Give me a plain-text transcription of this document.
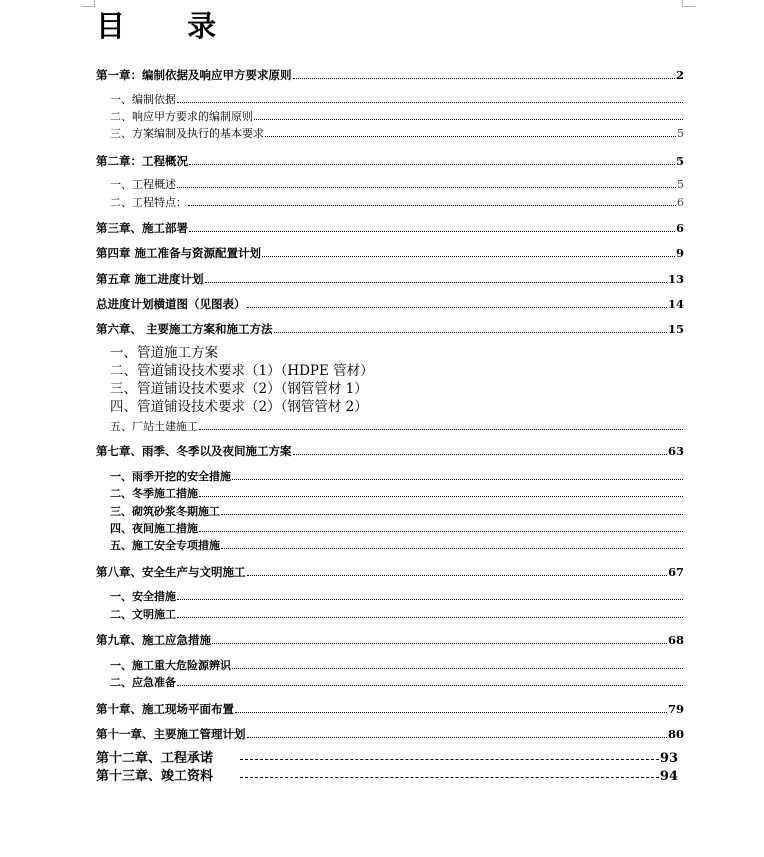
目 录
第一章：编制依据及响应甲方要求原则	2
一、编制依据
二、响应甲方要求的编制原则
三、方案编制及执行的基本要求	5
第二章：工程概况	5
一、工程概述	5
二、工程特点：	6
第三章、施工部署	6
第四章 施工准备与资源配置计划	9
第五章 施工进度计划	13
总进度计划横道图（见图表）	14
第六章、 主要施工方案和施工方法	15
一、管道施工方案
二、管道铺设技术要求（1）（HDPE 管材）
三、管道铺设技术要求（2）（钢管管材 1）
四、管道铺设技术要求（2）（钢管管材 2）
五、厂站土建施工
第七章、雨季、冬季以及夜间施工方案	63
一、雨季开挖的安全措施
二、冬季施工措施
三、砌筑砂浆冬期施工
四、夜间施工措施
五、施工安全专项措施
第八章、安全生产与文明施工	67
一、安全措施
二、文明施工
第九章、施工应急措施	68
一、施工重大危险源辨识
二、应急准备
第十章、施工现场平面布置	79
第十一章、主要施工管理计划	80
第十二章、工程承诺	93
第十三章、竣工资料	94
